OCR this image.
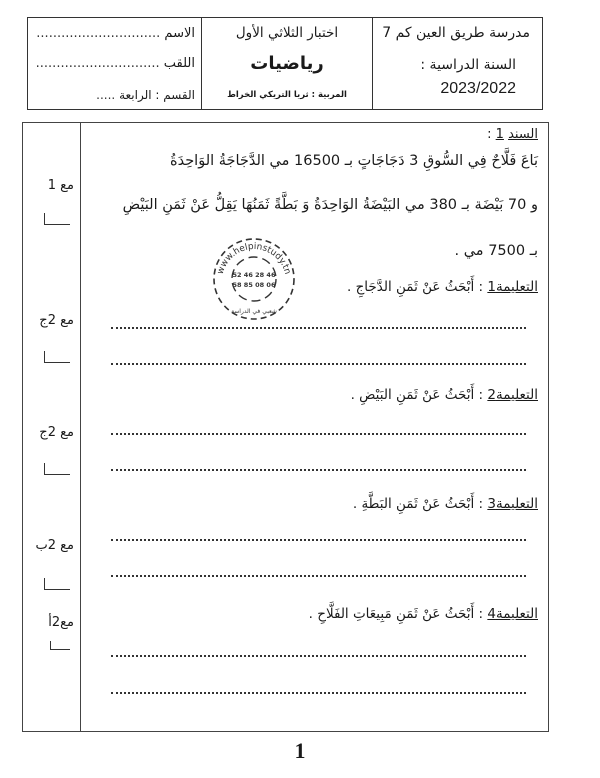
الاسم ..............................
اللقب ..............................
القسم : الرابعة .....
اختبار الثلاثي الأول
رياضيات
المربية : ثريا التريكي الخراط
مدرسة طريق العين كم 7
السنة الدراسية :
2023/2022
مع 1
مع 2ج
مع 2ج
مع 2ب
مع2أ
السند 1 :
بَاعَ فَلَّاحٌ فِي السُّوقِ 3 دَجَاجَاتٍ بـ 16500 مي الدَّجَاجَةُ الوَاحِدَةُ
و 70 بَيْضَة بـ 380 مي البَيْضَةُ الوَاحِدَةُ وَ بَطَّةً ثَمَنُهَا يَقِلُّ عَنْ ثَمَنِ البَيْضِ
بـ 7500 مي .
التعليمة1 : أَبْحَثُ عَنْ ثَمَنِ الدَّجَاجِ .
التعليمة2 : أَبْحَثُ عَنْ ثَمَنِ البَيْضِ .
التعليمة3 : أَبْحَثُ عَنْ ثَمَنِ البَطَّةِ .
التعليمة4 : أَبْحَثُ عَنْ ثَمَنِ مَبِيعَاتِ الفَلَّاحِ .
www.helpinstudy.tn
52 46 28 46
58 85 08 06
شعبي في الدراسة
1
